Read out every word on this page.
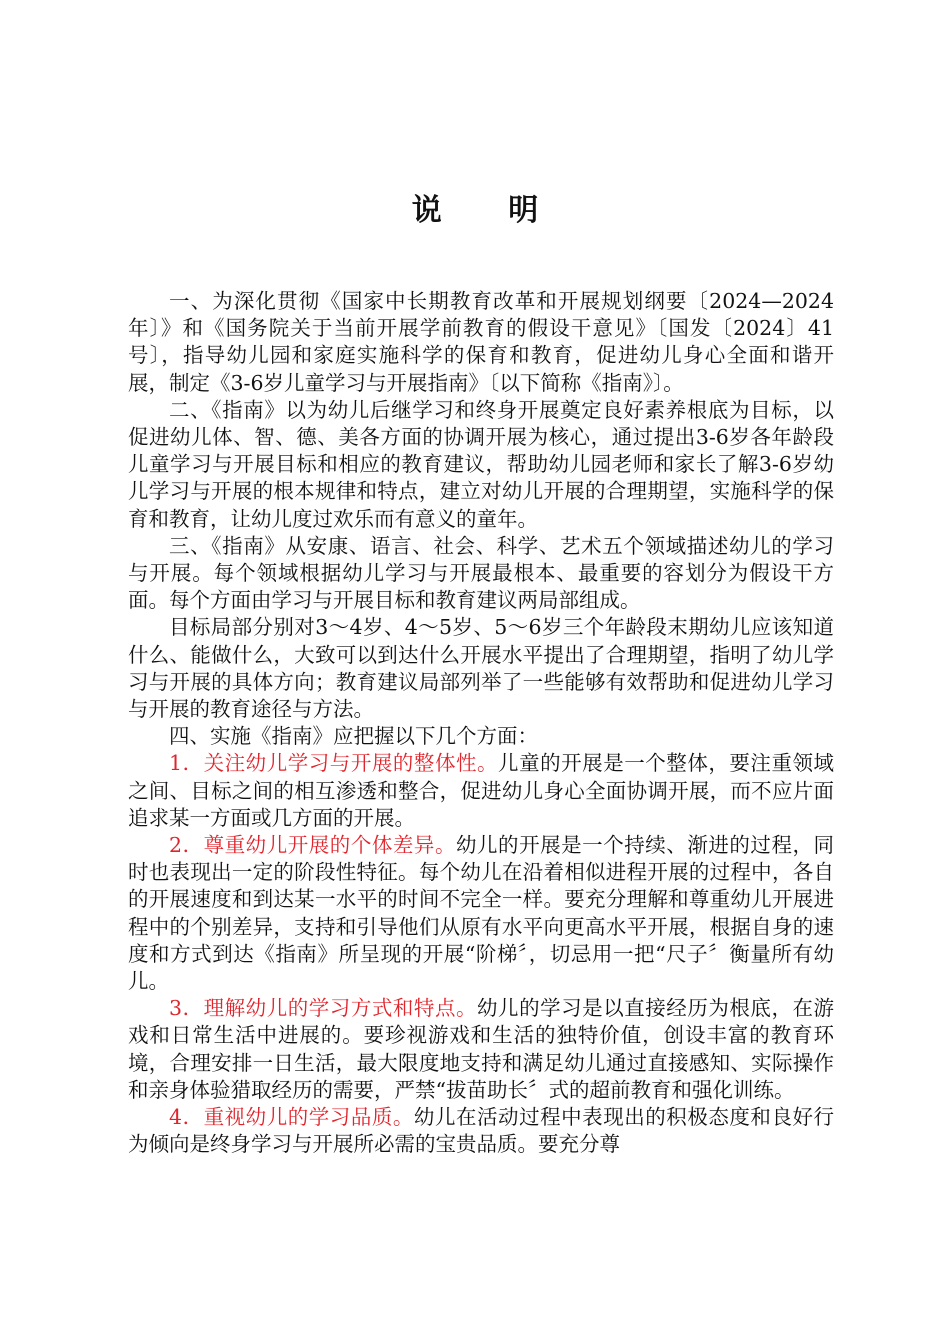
说 明

一、为深化贯彻《国家中长期教育改革和开展规划纲要〔2024—2024年〕》和《国务院关于当前开展学前教育的假设干意见》〔国发〔2024〕41号〕，指导幼儿园和家庭实施科学的保育和教育，促进幼儿身心全面和谐开展，制定《3-6岁儿童学习与开展指南》〔以下简称《指南》〕。

二、《指南》以为幼儿后继学习和终身开展奠定良好素养根底为目标，以促进幼儿体、智、德、美各方面的协调开展为核心，通过提出3-6岁各年龄段儿童学习与开展目标和相应的教育建议，帮助幼儿园老师和家长了解3-6岁幼儿学习与开展的根本规律和特点，建立对幼儿开展的合理期望，实施科学的保育和教育，让幼儿度过欢乐而有意义的童年。

三、《指南》从安康、语言、社会、科学、艺术五个领域描述幼儿的学习与开展。每个领域根据幼儿学习与开展最根本、最重要的容划分为假设干方面。每个方面由学习与开展目标和教育建议两局部组成。

目标局部分别对3～4岁、4～5岁、5～6岁三个年龄段末期幼儿应该知道什么、能做什么，大致可以到达什么开展水平提出了合理期望，指明了幼儿学习与开展的具体方向；教育建议局部列举了一些能够有效帮助和促进幼儿学习与开展的教育途径与方法。

四、实施《指南》应把握以下几个方面：

1．关注幼儿学习与开展的整体性。儿童的开展是一个整体，要注重领域之间、目标之间的相互渗透和整合，促进幼儿身心全面协调开展，而不应片面追求某一方面或几方面的开展。

2．尊重幼儿开展的个体差异。幼儿的开展是一个持续、渐进的过程，同时也表现出一定的阶段性特征。每个幼儿在沿着相似进程开展的过程中，各自的开展速度和到达某一水平的时间不完全一样。要充分理解和尊重幼儿开展进程中的个别差异，支持和引导他们从原有水平向更高水平开展，根据自身的速度和方式到达《指南》所呈现的开展“阶梯〞，切忌用一把“尺子〞衡量所有幼儿。

3．理解幼儿的学习方式和特点。幼儿的学习是以直接经历为根底，在游戏和日常生活中进展的。要珍视游戏和生活的独特价值，创设丰富的教育环境，合理安排一日生活，最大限度地支持和满足幼儿通过直接感知、实际操作和亲身体验猎取经历的需要，严禁“拔苗助长〞式的超前教育和强化训练。

4．重视幼儿的学习品质。幼儿在活动过程中表现出的积极态度和良好行为倾向是终身学习与开展所必需的宝贵品质。要充分尊
